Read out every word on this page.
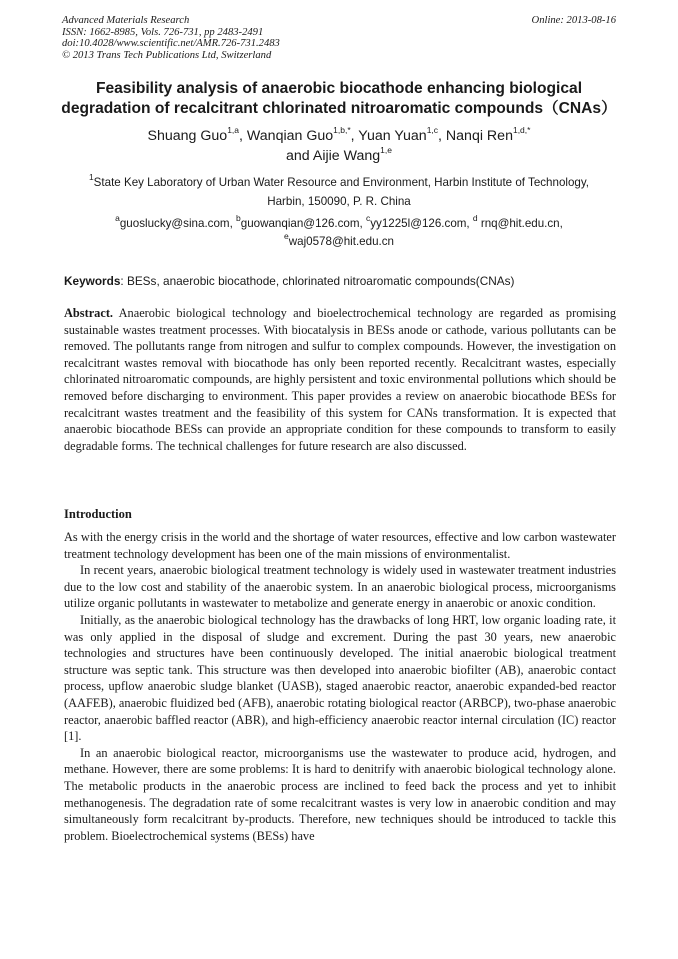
Advanced Materials Research
ISSN: 1662-8985, Vols. 726-731, pp 2483-2491
doi:10.4028/www.scientific.net/AMR.726-731.2483
© 2013 Trans Tech Publications Ltd, Switzerland
Online: 2013-08-16
Feasibility analysis of anaerobic biocathode enhancing biological
degradation of recalcitrant chlorinated nitroaromatic compounds（CNAs）
Shuang Guo$^{1,a}$, Wanqian Guo$^{1,b,*}$, Yuan Yuan$^{1,c}$, Nanqi Ren$^{1,d,*}$
and Aijie Wang$^{1,e}$
$^1$State Key Laboratory of Urban Water Resource and Environment, Harbin Institute of Technology,
Harbin, 150090, P. R. China
$^a$guoslucky@sina.com, $^b$guowanqian@126.com, $^c$yy1225l@126.com, $^d$ rnq@hit.edu.cn,
$^e$waj0578@hit.edu.cn
Keywords: BESs, anaerobic biocathode, chlorinated nitroaromatic compounds(CNAs)
Abstract. Anaerobic biological technology and bioelectrochemical technology are regarded as promising sustainable wastes treatment processes. With biocatalysis in BESs anode or cathode, various pollutants can be removed. The pollutants range from nitrogen and sulfur to complex compounds. However, the investigation on recalcitrant wastes removal with biocathode has only been reported recently. Recalcitrant wastes, especially chlorinated nitroaromatic compounds, are highly persistent and toxic environmental pollutions which should be removed before discharging to environment. This paper provides a review on anaerobic biocathode BESs for recalcitrant wastes treatment and the feasibility of this system for CANs transformation. It is expected that anaerobic biocathode BESs can provide an appropriate condition for these compounds to transform to easily degradable forms. The technical challenges for future research are also discussed.
Introduction

As with the energy crisis in the world and the shortage of water resources, effective and low carbon wastewater treatment technology development has been one of the main missions of environmentalist.

In recent years, anaerobic biological treatment technology is widely used in wastewater treatment industries due to the low cost and stability of the anaerobic system. In an anaerobic biological process, microorganisms utilize organic pollutants in wastewater to metabolize and generate energy in anaerobic or anoxic condition.

Initially, as the anaerobic biological technology has the drawbacks of long HRT, low organic loading rate, it was only applied in the disposal of sludge and excrement. During the past 30 years, new anaerobic technologies and structures have been continuously developed. The initial anaerobic biological treatment structure was septic tank. This structure was then developed into anaerobic biofilter (AB), anaerobic contact process, upflow anaerobic sludge blanket (UASB), staged anaerobic reactor, anaerobic expanded-bed reactor (AAFEB), anaerobic fluidized bed (AFB), anaerobic rotating biological reactor (ARBCP), two-phase anaerobic reactor, anaerobic baffled reactor (ABR), and high-efficiency anaerobic reactor internal circulation (IC) reactor [1].

In an anaerobic biological reactor, microorganisms use the wastewater to produce acid, hydrogen, and methane. However, there are some problems: It is hard to denitrify with anaerobic biological technology alone. The metabolic products in the anaerobic process are inclined to feed back the process and yet to inhibit methanogenesis. The degradation rate of some recalcitrant wastes is very low in anaerobic condition and may simultaneously form recalcitrant by-products. Therefore, new techniques should be introduced to tackle this problem. Bioelectrochemical systems (BESs) have
